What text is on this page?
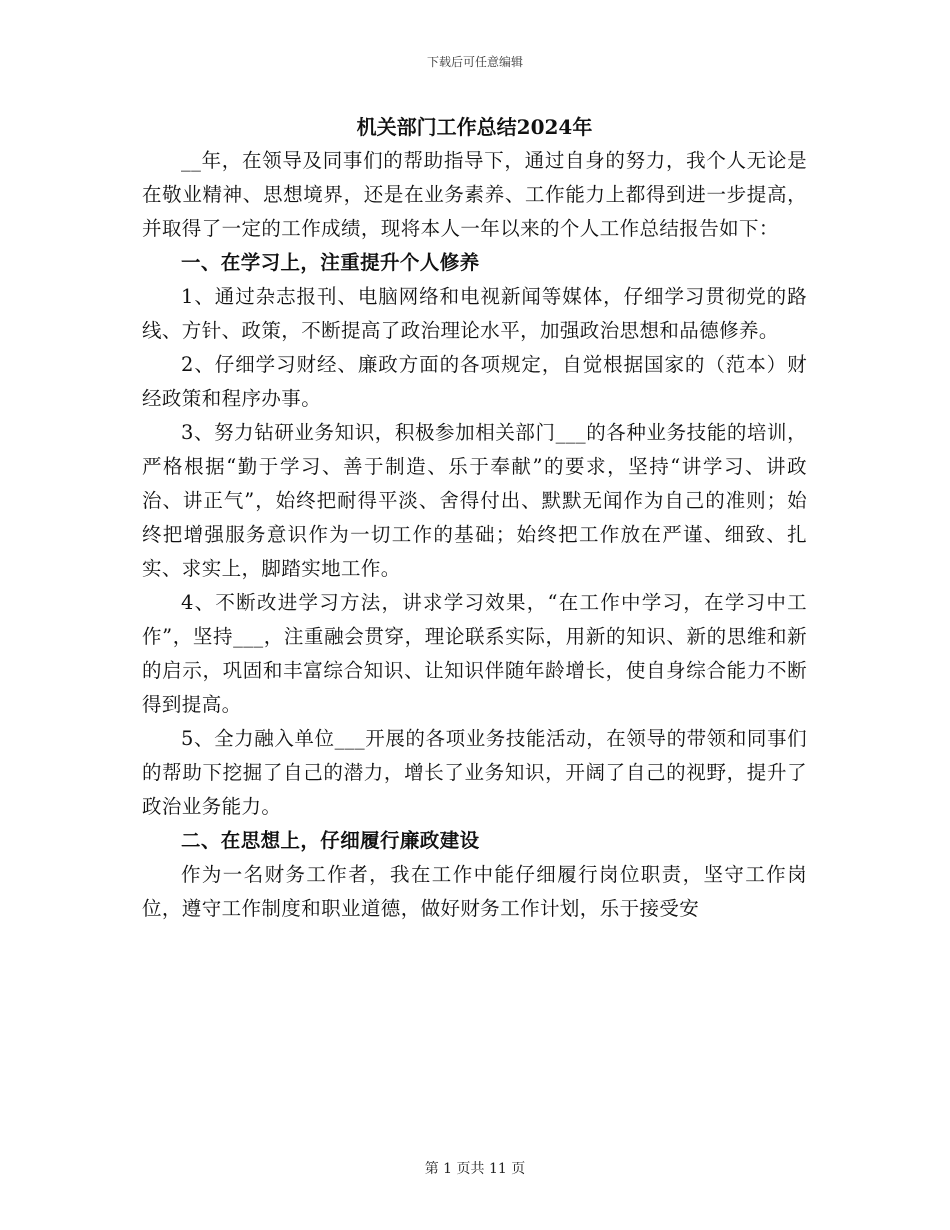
下载后可任意编辑
机关部门工作总结2024年

__年，在领导及同事们的帮助指导下，通过自身的努力，我个人无论是在敬业精神、思想境界，还是在业务素养、工作能力上都得到进一步提高，并取得了一定的工作成绩，现将本人一年以来的个人工作总结报告如下：

一、在学习上，注重提升个人修养

1、通过杂志报刊、电脑网络和电视新闻等媒体，仔细学习贯彻党的路线、方针、政策，不断提高了政治理论水平，加强政治思想和品德修养。

2、仔细学习财经、廉政方面的各项规定，自觉根据国家的（范本）财经政策和程序办事。

3、努力钻研业务知识，积极参加相关部门___的各种业务技能的培训，严格根据“勤于学习、善于制造、乐于奉献”的要求，坚持“讲学习、讲政治、讲正气”，始终把耐得平淡、舍得付出、默默无闻作为自己的准则；始终把增强服务意识作为一切工作的基础；始终把工作放在严谨、细致、扎实、求实上，脚踏实地工作。

4、不断改进学习方法，讲求学习效果，“在工作中学习，在学习中工作”，坚持___，注重融会贯穿，理论联系实际，用新的知识、新的思维和新的启示，巩固和丰富综合知识、让知识伴随年龄增长，使自身综合能力不断得到提高。

5、全力融入单位___开展的各项业务技能活动，在领导的带领和同事们的帮助下挖掘了自己的潜力，增长了业务知识，开阔了自己的视野，提升了政治业务能力。

二、在思想上，仔细履行廉政建设

作为一名财务工作者，我在工作中能仔细履行岗位职责，坚守工作岗位，遵守工作制度和职业道德，做好财务工作计划，乐于接受安

第 1 页共 11 页
